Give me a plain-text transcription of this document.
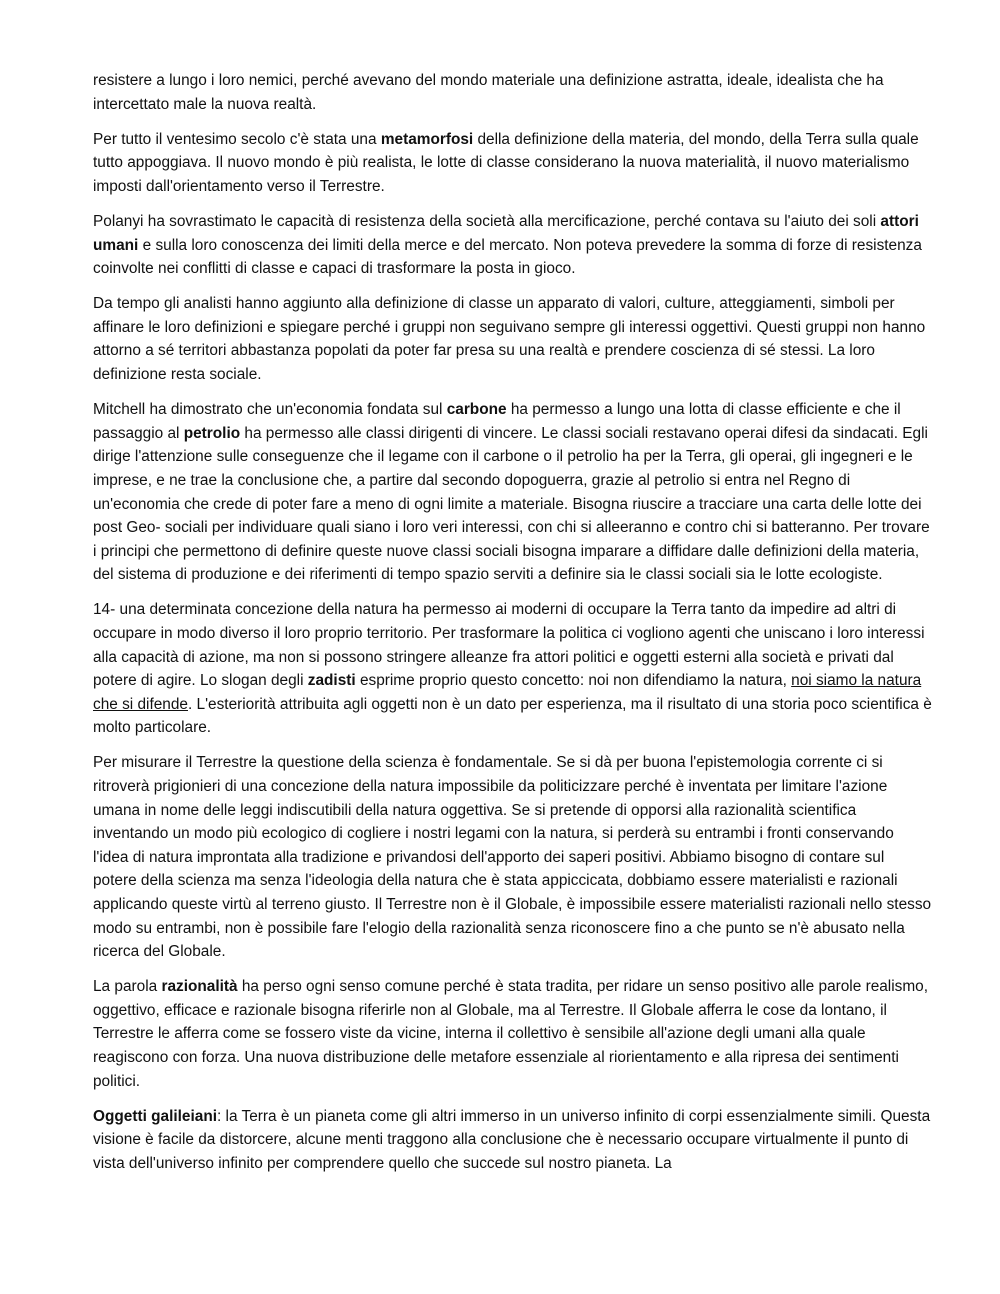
resistere a lungo i loro nemici, perché avevano del mondo materiale una definizione astratta, ideale, idealista che ha intercettato male la nuova realtà.

Per tutto il ventesimo secolo c'è stata una metamorfosi della definizione della materia, del mondo, della Terra sulla quale tutto appoggiava. Il nuovo mondo è più realista, le lotte di classe considerano la nuova materialità, il nuovo materialismo imposti dall'orientamento verso il Terrestre.

Polanyi ha sovrastimato le capacità di resistenza della società alla mercificazione, perché contava su l'aiuto dei soli attori umani e sulla loro conoscenza dei limiti della merce e del mercato. Non poteva prevedere la somma di forze di resistenza coinvolte nei conflitti di classe e capaci di trasformare la posta in gioco.

Da tempo gli analisti hanno aggiunto alla definizione di classe un apparato di valori, culture, atteggiamenti, simboli per affinare le loro definizioni e spiegare perché i gruppi non seguivano sempre gli interessi oggettivi. Questi gruppi non hanno attorno a sé territori abbastanza popolati da poter far presa su una realtà e prendere coscienza di sé stessi. La loro definizione resta sociale.

Mitchell ha dimostrato che un'economia fondata sul carbone ha permesso a lungo una lotta di classe efficiente e che il passaggio al petrolio ha permesso alle classi dirigenti di vincere. Le classi sociali restavano operai difesi da sindacati. Egli dirige l'attenzione sulle conseguenze che il legame con il carbone o il petrolio ha per la Terra, gli operai, gli ingegneri e le imprese, e ne trae la conclusione che, a partire dal secondo dopoguerra, grazie al petrolio si entra nel Regno di un'economia che crede di poter fare a meno di ogni limite a materiale. Bisogna riuscire a tracciare una carta delle lotte dei post Geo- sociali per individuare quali siano i loro veri interessi, con chi si alleeranno e contro chi si batteranno. Per trovare i principi che permettono di definire queste nuove classi sociali bisogna imparare a diffidare dalle definizioni della materia, del sistema di produzione e dei riferimenti di tempo spazio serviti a definire sia le classi sociali sia le lotte ecologiste.

14- una determinata concezione della natura ha permesso ai moderni di occupare la Terra tanto da impedire ad altri di occupare in modo diverso il loro proprio territorio. Per trasformare la politica ci vogliono agenti che uniscano i loro interessi alla capacità di azione, ma non si possono stringere alleanze fra attori politici e oggetti esterni alla società e privati dal potere di agire. Lo slogan degli zadisti esprime proprio questo concetto: noi non difendiamo la natura, noi siamo la natura che si difende. L'esteriorità attribuita agli oggetti non è un dato per esperienza, ma il risultato di una storia poco scientifica è molto particolare.

Per misurare il Terrestre la questione della scienza è fondamentale. Se si dà per buona l'epistemologia corrente ci si ritroverà prigionieri di una concezione della natura impossibile da politicizzare perché è inventata per limitare l'azione umana in nome delle leggi indiscutibili della natura oggettiva. Se si pretende di opporsi alla razionalità scientifica inventando un modo più ecologico di cogliere i nostri legami con la natura, si perderà su entrambi i fronti conservando l'idea di natura improntata alla tradizione e privandosi dell'apporto dei saperi positivi. Abbiamo bisogno di contare sul potere della scienza ma senza l'ideologia della natura che è stata appiccicata, dobbiamo essere materialisti e razionali applicando queste virtù al terreno giusto. Il Terrestre non è il Globale, è impossibile essere materialisti razionali nello stesso modo su entrambi, non è possibile fare l'elogio della razionalità senza riconoscere fino a che punto se n'è abusato nella ricerca del Globale.

La parola razionalità ha perso ogni senso comune perché è stata tradita, per ridare un senso positivo alle parole realismo, oggettivo, efficace e razionale bisogna riferirle non al Globale, ma al Terrestre. Il Globale afferra le cose da lontano, il Terrestre le afferra come se fossero viste da vicine, interna il collettivo è sensibile all'azione degli umani alla quale reagiscono con forza. Una nuova distribuzione delle metafore essenziale al riorientamento e alla ripresa dei sentimenti politici.

Oggetti galileiani: la Terra è un pianeta come gli altri immerso in un universo infinito di corpi essenzialmente simili. Questa visione è facile da distorcere, alcune menti traggono alla conclusione che è necessario occupare virtualmente il punto di vista dell'universo infinito per comprendere quello che succede sul nostro pianeta. La
